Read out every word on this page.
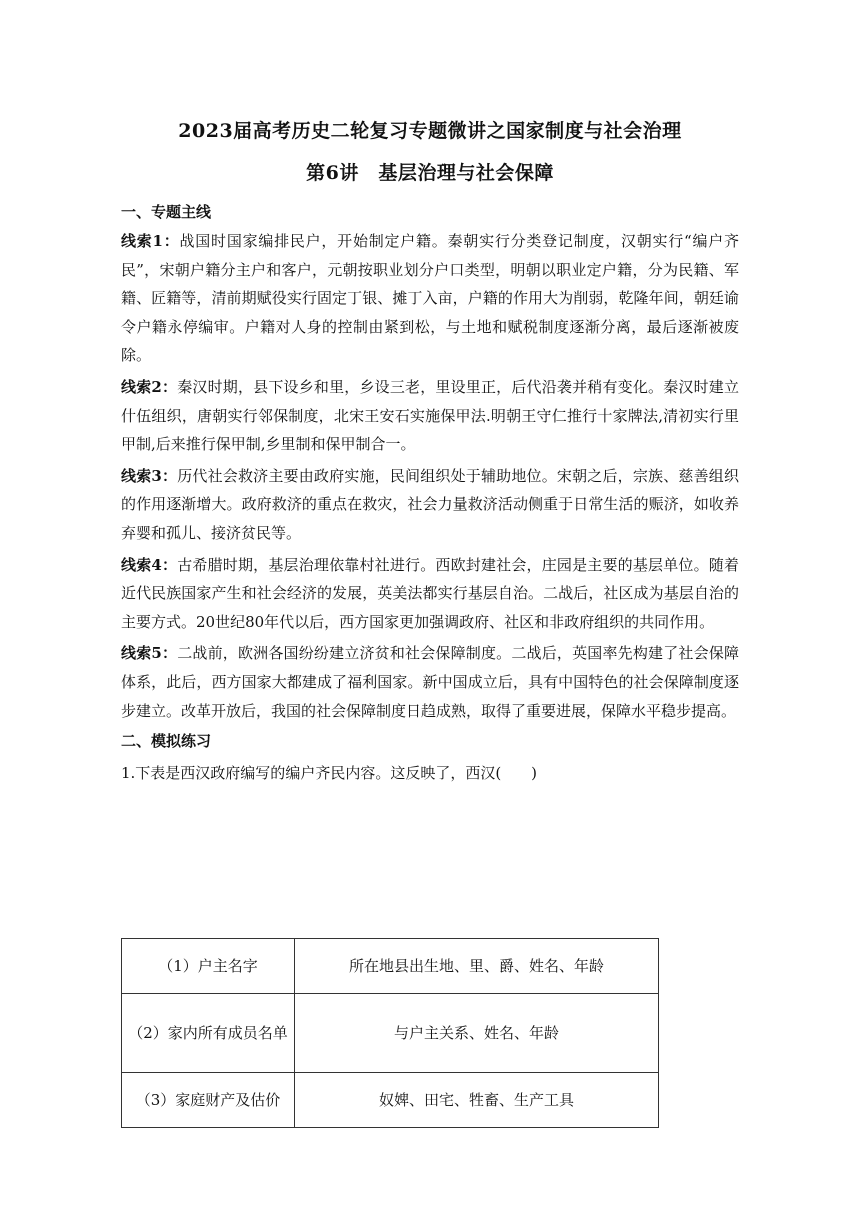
2023届高考历史二轮复习专题微讲之国家制度与社会治理
第6讲　基层治理与社会保障

一、专题主线

线索1：战国时国家编排民户，开始制定户籍。秦朝实行分类登记制度，汉朝实行“编户齐民”，宋朝户籍分主户和客户，元朝按职业划分户口类型，明朝以职业定户籍，分为民籍、军籍、匠籍等，清前期赋役实行固定丁银、摊丁入亩，户籍的作用大为削弱，乾隆年间，朝廷谕令户籍永停编审。户籍对人身的控制由紧到松，与土地和赋税制度逐渐分离，最后逐渐被废除。

线索2：秦汉时期，县下设乡和里，乡设三老，里设里正，后代沿袭并稍有变化。秦汉时建立什伍组织，唐朝实行邻保制度，北宋王安石实施保甲法.明朝王守仁推行十家牌法,清初实行里甲制,后来推行保甲制,乡里制和保甲制合一。

线索3：历代社会救济主要由政府实施，民间组织处于辅助地位。宋朝之后，宗族、慈善组织的作用逐渐增大。政府救济的重点在救灾，社会力量救济活动侧重于日常生活的赈济，如收养弃婴和孤儿、接济贫民等。

线索4：古希腊时期，基层治理依靠村社进行。西欧封建社会，庄园是主要的基层单位。随着近代民族国家产生和社会经济的发展，英美法都实行基层自治。二战后，社区成为基层自治的主要方式。20世纪80年代以后，西方国家更加强调政府、社区和非政府组织的共同作用。

线索5：二战前，欧洲各国纷纷建立济贫和社会保障制度。二战后，英国率先构建了社会保障体系，此后，西方国家大都建成了福利国家。新中国成立后，具有中国特色的社会保障制度逐步建立。改革开放后，我国的社会保障制度日趋成熟，取得了重要进展，保障水平稳步提高。

二、模拟练习

1.下表是西汉政府编写的编户齐民内容。这反映了，西汉(　　)

（1）户主名字	所在地县出生地、里、爵、姓名、年龄
（2）家内所有成员名单	与户主关系、姓名、年龄
（3）家庭财产及估价	奴婢、田宅、牲畜、生产工具
